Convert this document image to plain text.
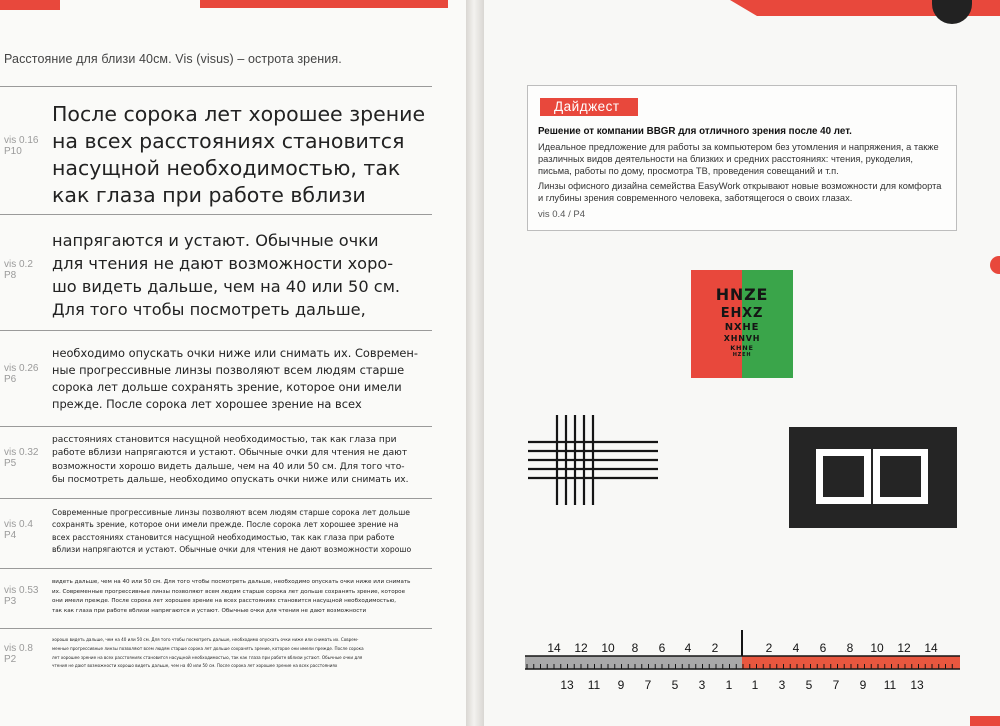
Расстояние для близи 40см. Vis (visus) – острота зрения.
vis 0.16
P10
После сорока лет хорошее зрение
на всех расстояниях становится
насущной необходимостью, так
как глаза при работе вблизи
vis 0.2
P8
напрягаются и устают. Обычные очки
для чтения не дают возможности хоро-
шо видеть дальше, чем на 40 или 50 см.
Для того чтобы посмотреть дальше,
vis 0.26
P6
необходимо опускать очки ниже или снимать их. Современ-
ные прогрессивные линзы позволяют всем людям старше
сорока лет дольше сохранять зрение, которое они имели
прежде. После сорока лет хорошее зрение на всех
vis 0.32
P5
расстояниях становится насущной необходимостью, так как глаза при
работе вблизи напрягаются и устают. Обычные очки для чтения не дают
возможности хорошо видеть дальше, чем на 40 или 50 см. Для того что-
бы посмотреть дальше, необходимо опускать очки ниже или снимать их.
vis 0.4
P4
Современные прогрессивные линзы позволяют всем людям старше сорока лет дольше
сохранять зрение, которое они имели прежде. После сорока лет хорошее зрение на
всех расстояниях становится насущной необходимостью, так как глаза при работе
вблизи напрягаются и устают. Обычные очки для чтения не дают возможности хорошо
vis 0.53
P3
видеть дальше, чем на 40 или 50 см. Для того чтобы посмотреть дальше, необходимо опускать очки ниже или снимать
их. Современные прогрессивные линзы позволяют всем людям старше сорока лет дольше сохранять зрение, которое
они имели прежде. После сорока лет хорошее зрение на всех расстояниях становится насущной необходимостью,
так как глаза при работе вблизи напрягаются и устают. Обычные очки для чтения не дают возможности
vis 0.8
P2
хорошо видеть дальше, чем на 40 или 50 см. Для того чтобы посмотреть дальше, необходимо опускать очки ниже или снимать их. Соврем-
менные прогрессивные линзы позволяют всем людям старше сорока лет дольше сохранять зрение, которое они имели прежде. После сорока
лет хорошее зрение на всех расстояниях становится насущной необходимостью, так как глаза при работе вблизи устают. Обычные очки для
чтения не дают возможности хорошо видеть дальше, чем на 40 или 50 см. После сорока лет хорошее зрение на всех расстояниях
Дайджест
Решение от компании BBGR для отличного зрения после 40 лет.
Идеальное предложение для работы за компьютером без утомления и напряжения, а также
различных видов деятельности на близких и средних расстояниях: чтения, рукоделия,
письма, работы по дому, просмотра ТВ, проведения совещаний и т.п.
Линзы офисного дизайна семейства EasyWork открывают новые возможности для комфорта
и глубины зрения современного человека, заботящегося о своих глазах.
vis 0.4 / P4
HNZE
EHXZ
NXHE
XHNVH
KHNE
HZEH
14 12 10 8 6 4 2	2 4 6 8 10 12 14
13 11 9 7 5 3 1 1 3 5 7 9 11 13
